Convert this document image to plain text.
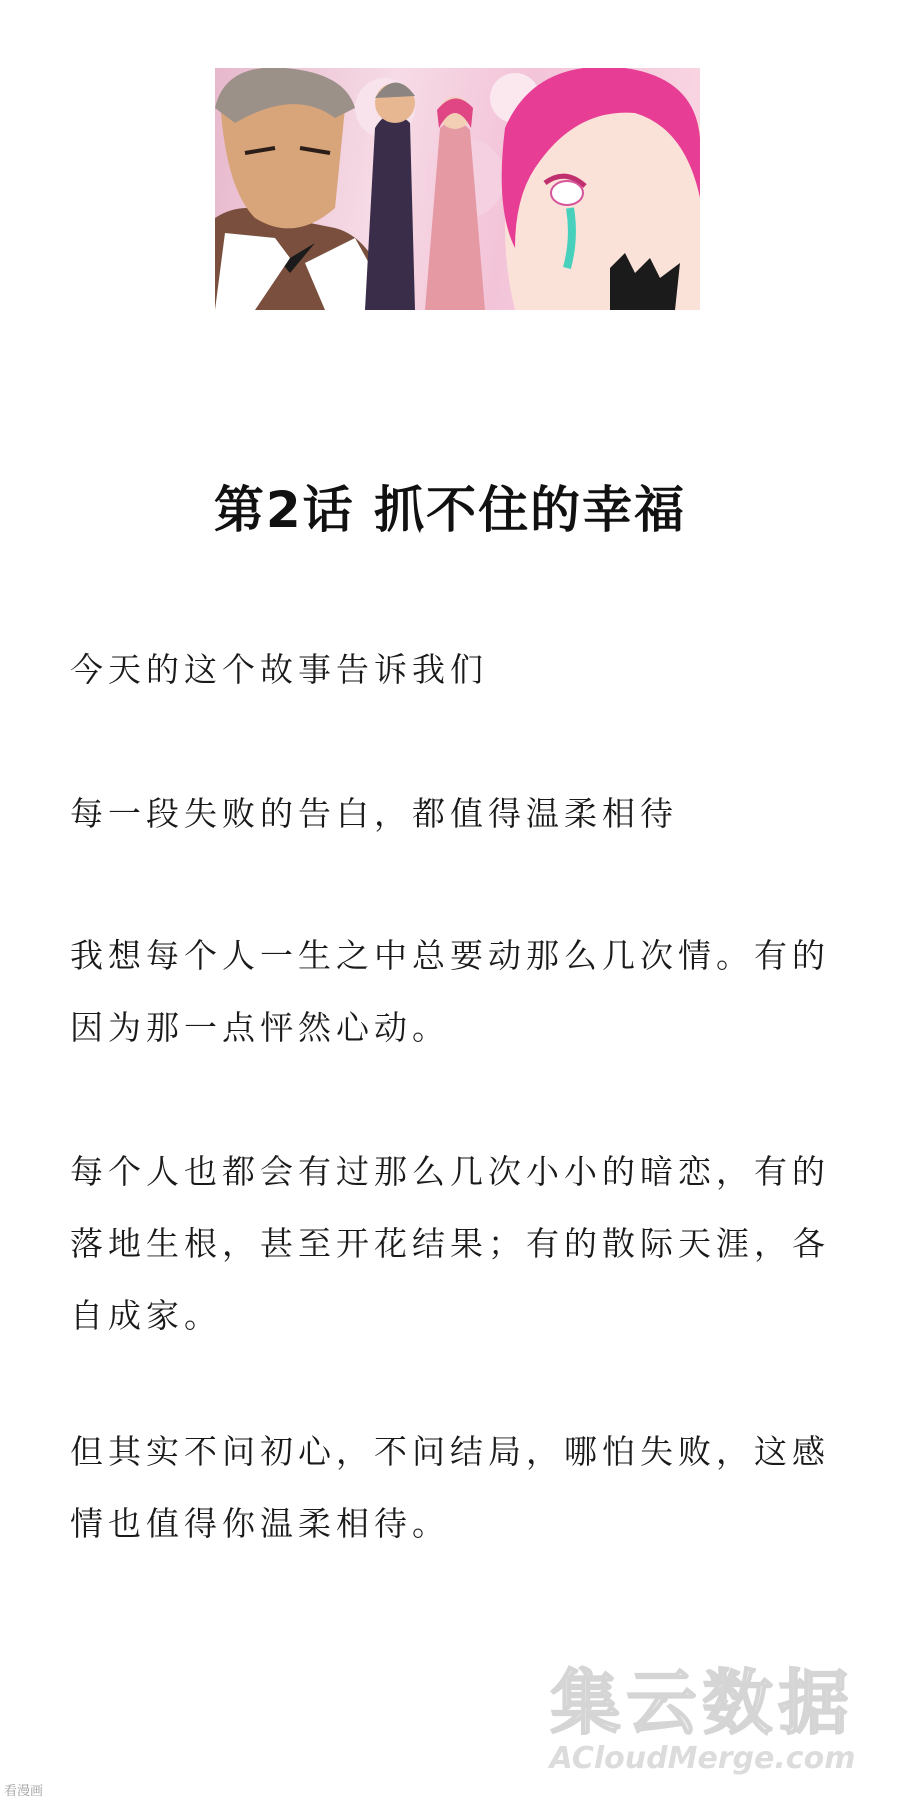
第2话 抓不住的幸福

今天的这个故事告诉我们

每一段失败的告白，都值得温柔相待

我想每个人一生之中总要动那么几次情。有的因为那一点怦然心动。

每个人也都会有过那么几次小小的暗恋，有的落地生根，甚至开花结果；有的散际天涯，各自成家。

但其实不问初心，不问结局，哪怕失败，这感情也值得你温柔相待。

集云数据
ACloudMerge.com
看漫画
